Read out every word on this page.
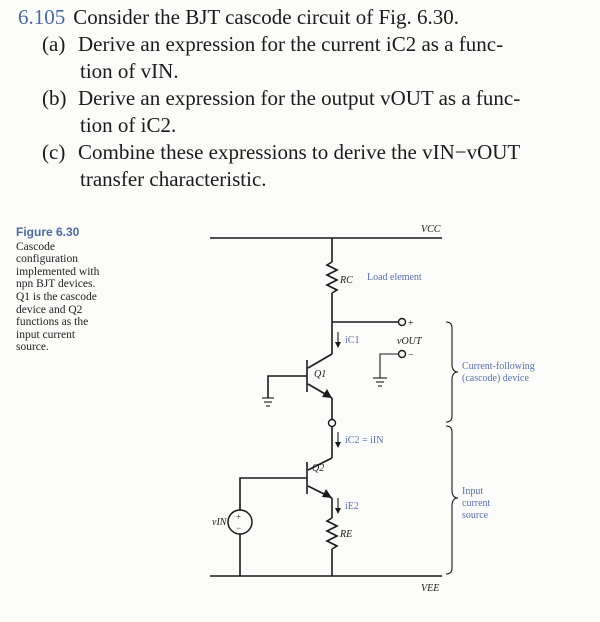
6.105 Consider the BJT cascode circuit of Fig. 6.30.
(a) Derive an expression for the current iC2 as a func-
tion of vIN.
(b) Derive an expression for the output vOUT as a func-
tion of iC2.
(c) Combine these expressions to derive the vIN−vOUT
transfer characteristic.
Figure 6.30
Cascode
configuration
implemented with
npn BJT devices.
Q1 is the cascode
device and Q2
functions as the
input current
source.
VCC
VEE
RC Load element
+
vOUT
−
iC1
Q1
iC2 = iIN
Q2
+
−
vIN
iE2
RE
Current-following
(cascode) device
Input
current
source
